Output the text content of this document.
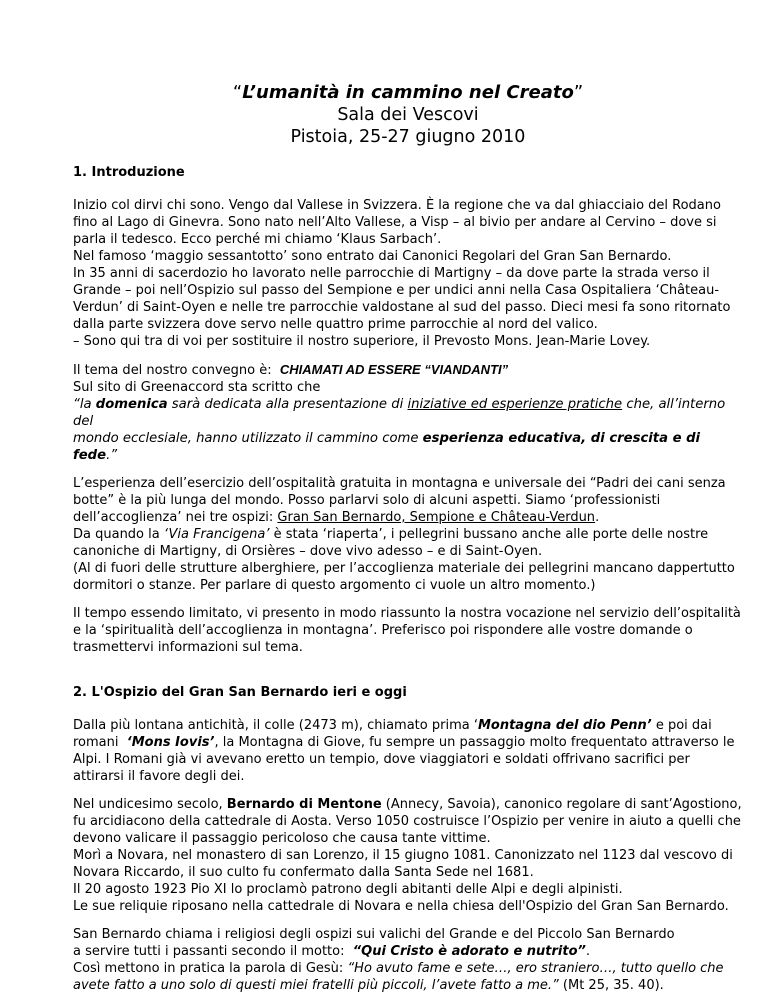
“L’umanità in cammino nel Creato”
Sala dei Vescovi
Pistoia, 25-27 giugno 2010
1. Introduzione

Inizio col dirvi chi sono. Vengo dal Vallese in Svizzera. È la regione che va dal ghiacciaio del Rodano

fino al Lago di Ginevra. Sono nato nell’Alto Vallese, a Visp – al bivio per andare al Cervino – dove si

parla il tedesco. Ecco perché mi chiamo ‘Klaus Sarbach’.

Nel famoso ‘maggio sessantotto’ sono entrato dai Canonici Regolari del Gran San Bernardo.

In 35 anni di sacerdozio ho lavorato nelle parrocchie di Martigny – da dove parte la strada verso il

Grande – poi nell’Ospizio sul passo del Sempione e per undici anni nella Casa Ospitaliera ‘Château-

Verdun’ di Saint-Oyen e nelle tre parrocchie valdostane al sud del passo. Dieci mesi fa sono ritornato

dalla parte svizzera dove servo nelle quattro prime parrocchie al nord del valico.

– Sono qui tra di voi per sostituire il nostro superiore, il Prevosto Mons. Jean-Marie Lovey.

Il tema del nostro convegno è:  CHIAMATI AD ESSERE “VIANDANTI”

Sul sito di Greenaccord sta scritto che

“la domenica sarà dedicata alla presentazione di iniziative ed esperienze pratiche che, all’interno del

mondo ecclesiale, hanno utilizzato il cammino come esperienza educativa, di crescita e di fede.”

L’esperienza dell’esercizio dell’ospitalità gratuita in montagna e universale dei “Padri dei cani senza

botte” è la più lunga del mondo. Posso parlarvi solo di alcuni aspetti. Siamo ‘professionisti

dell’accoglienza’ nei tre ospizi: Gran San Bernardo, Sempione e Château-Verdun.

Da quando la ‘Via Francigena’ è stata ‘riaperta’, i pellegrini bussano anche alle porte delle nostre

canoniche di Martigny, di Orsières – dove vivo adesso – e di Saint-Oyen.

(Al di fuori delle strutture alberghiere, per l’accoglienza materiale dei pellegrini mancano dappertutto

dormitori o stanze. Per parlare di questo argomento ci vuole un altro momento.)

Il tempo essendo limitato, vi presento in modo riassunto la nostra vocazione nel servizio dell’ospitalità

e la ‘spiritualità dell’accoglienza in montagna’. Preferisco poi rispondere alle vostre domande o

trasmettervi informazioni sul tema.

2. L'Ospizio del Gran San Bernardo ieri e oggi

Dalla più lontana antichità, il colle (2473 m), chiamato prima ‘Montagna del dio Penn’ e poi dai

romani  ‘Mons Iovis’, la Montagna di Giove, fu sempre un passaggio molto frequentato attraverso le

Alpi. I Romani già vi avevano eretto un tempio, dove viaggiatori e soldati offrivano sacrifici per

attirarsi il favore degli dei.

Nel undicesimo secolo, Bernardo di Mentone (Annecy, Savoia), canonico regolare di sant’Agostiono,

fu arcidiacono della cattedrale di Aosta. Verso 1050 costruisce l’Ospizio per venire in aiuto a quelli che

devono valicare il passaggio pericoloso che causa tante vittime.

Morì a Novara, nel monastero di san Lorenzo, il 15 giugno 1081. Canonizzato nel 1123 dal vescovo di

Novara Riccardo, il suo culto fu confermato dalla Santa Sede nel 1681.

Il 20 agosto 1923 Pio XI lo proclamò patrono degli abitanti delle Alpi e degli alpinisti.

Le sue reliquie riposano nella cattedrale di Novara e nella chiesa dell'Ospizio del Gran San Bernardo.

San Bernardo chiama i religiosi degli ospizi sui valichi del Grande e del Piccolo San Bernardo

a servire tutti i passanti secondo il motto:  “Qui Cristo è adorato e nutrito”.

Così mettono in pratica la parola di Gesù: “Ho avuto fame e sete…, ero straniero…, tutto quello che

avete fatto a uno solo di questi miei fratelli più piccoli, l’avete fatto a me.” (Mt 25, 35. 40).
